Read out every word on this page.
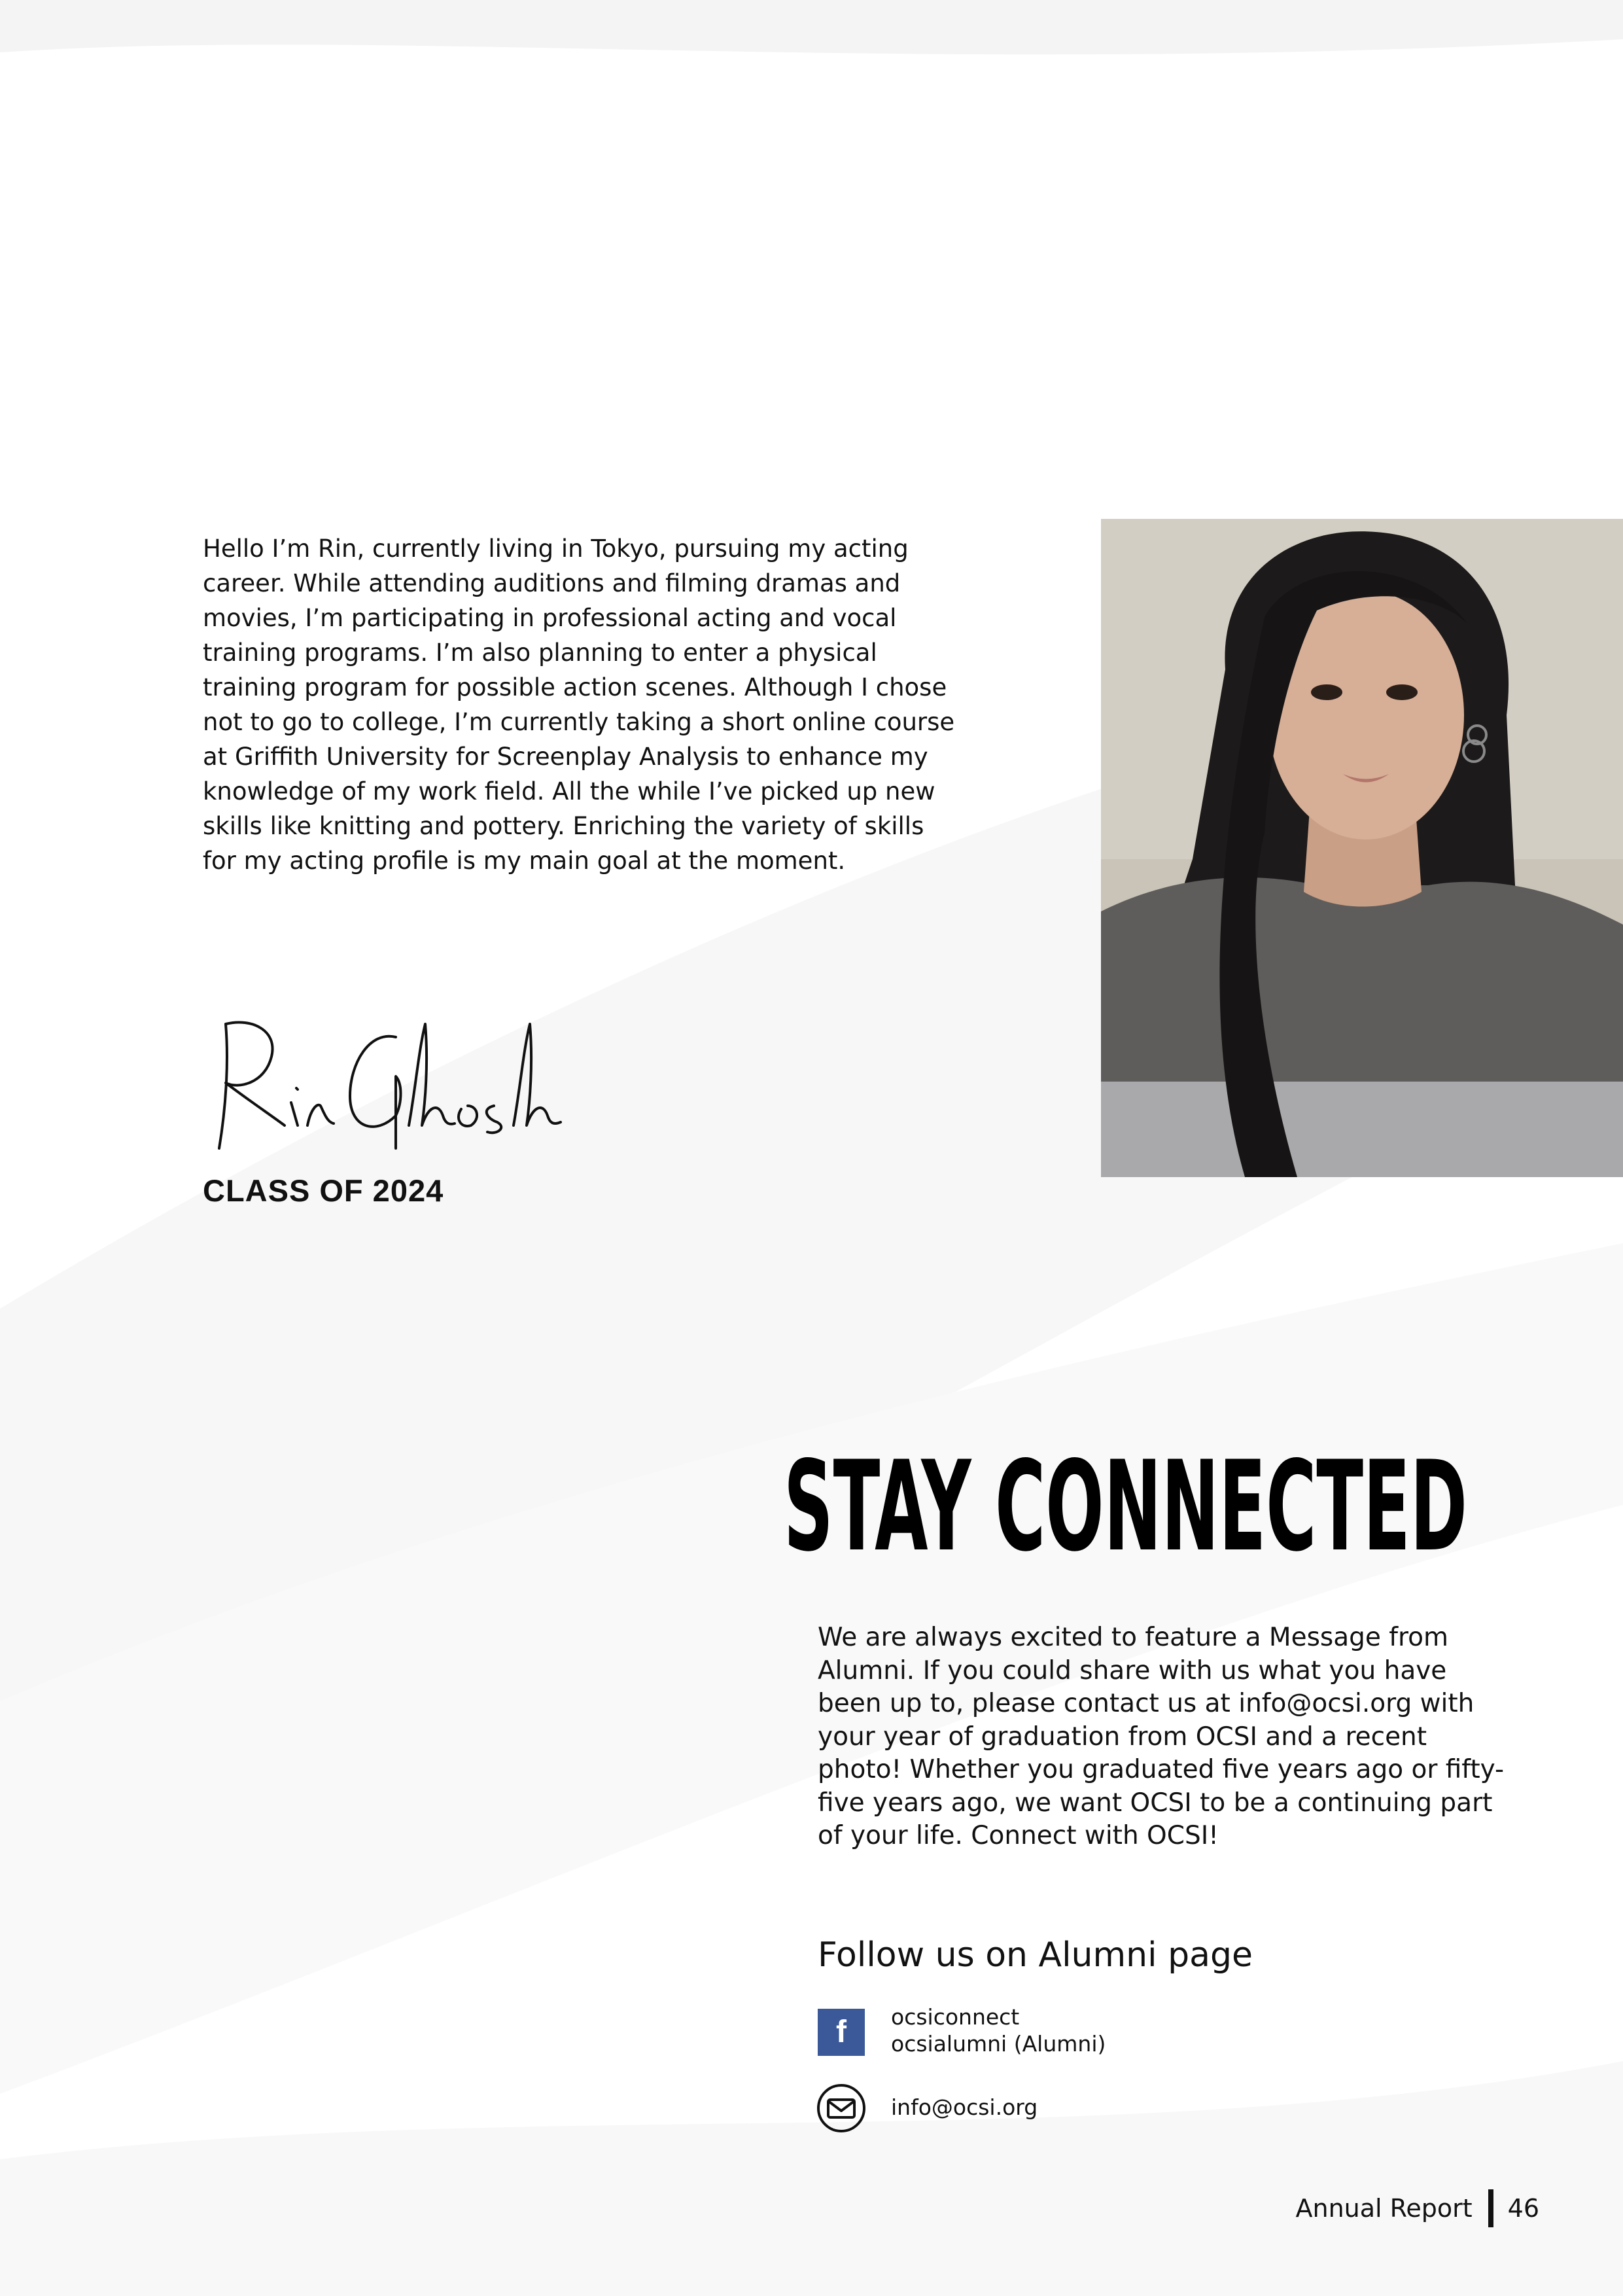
Hello I’m Rin, currently living in Tokyo, pursuing my acting career. While attending auditions and filming dramas and movies, I’m participating in professional acting and vocal training programs. I’m also planning to enter a physical training program for possible action scenes. Although I chose not to go to college, I’m currently taking a short online course at Griffith University for Screenplay Analysis to enhance my knowledge of my work field. All the while I’ve picked up new skills like knitting and pottery. Enriching the variety of skills for my acting profile is my main goal at the moment.

CLASS OF 2024
STAY CONNECTED

We are always excited to feature a Message from Alumni. If you could share with us what you have been up to, please contact us at info@ocsi.org with your year of graduation from OCSI and a recent photo! Whether you graduated five years ago or fifty-five years ago, we want OCSI to be a continuing part of your life. Connect with OCSI!

Follow us on Alumni page
f ocsiconnect
ocsialumni (Alumni)
info@ocsi.org
Annual Report 46
